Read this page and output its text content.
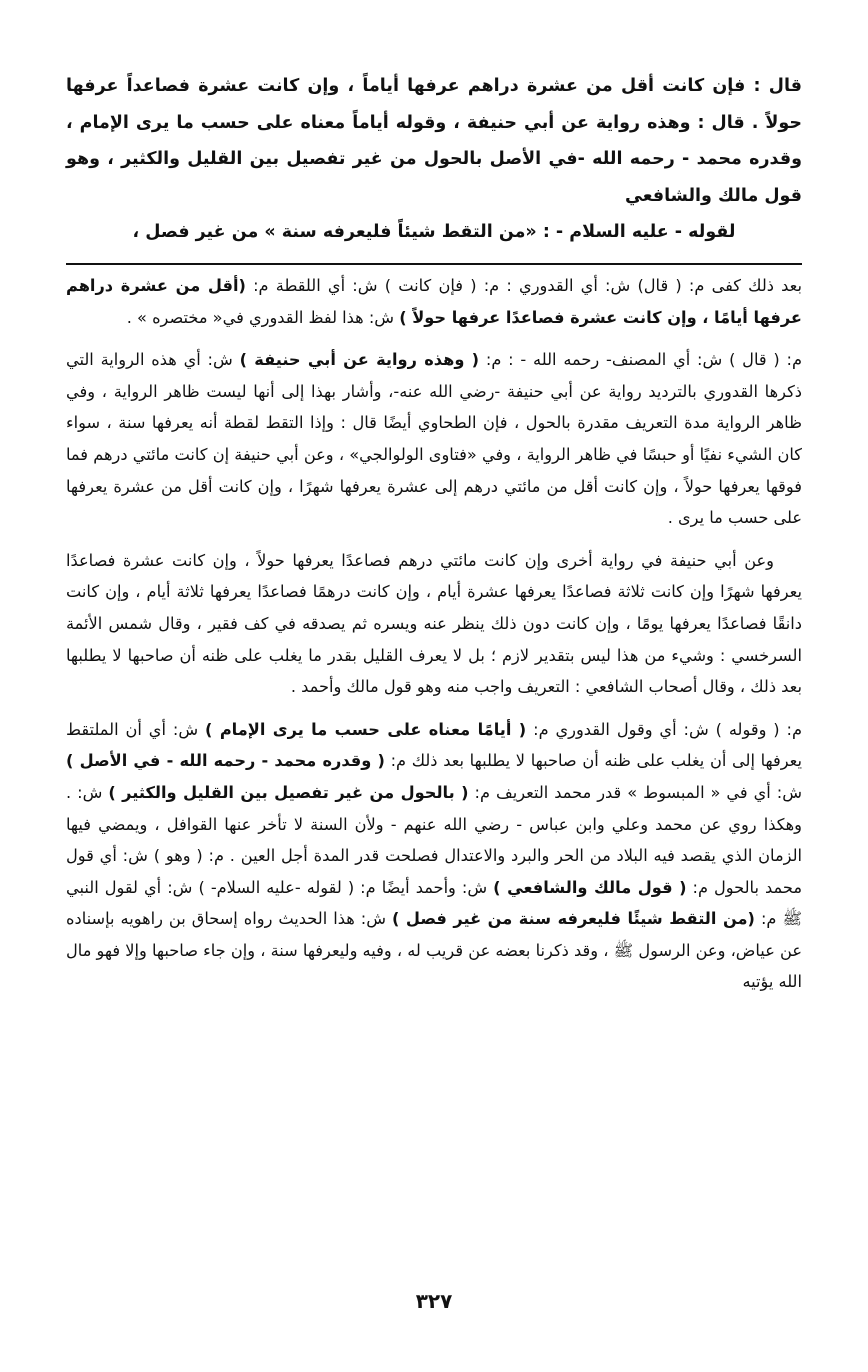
قال : فإن كانت أقل من عشرة دراهم عرفها أياماً ، وإن كانت عشرة فصاعداً عرفها حولاً . قال : وهذه رواية عن أبي حنيفة ، وقوله أياماً معناه على حسب ما يرى الإمام ، وقدره محمد - رحمه الله -في الأصل بالحول من غير تفصيل بين القليل والكثير ، وهو قول مالك والشافعي

لقوله - عليه السلام - : «من التقط شيئاً فليعرفه سنة » من غير فصل ،

بعد ذلك كفى م: ( قال) ش: أي القدوري : م: ( فإن كانت ) ش: أي اللقطة م: (أقل من عشرة دراهم عرفها أيامًا ، وإن كانت عشرة فصاعدًا عرفها حولاً ) ش: هذا لفظ القدوري في« مختصره » .

م: ( قال ) ش: أي المصنف- رحمه الله - : م: ( وهذه رواية عن أبي حنيفة ) ش: أي هذه الرواية التي ذكرها القدوري بالترديد رواية عن أبي حنيفة -رضي الله عنه-، وأشار بهذا إلى أنها ليست ظاهر الرواية ، وفي ظاهر الرواية مدة التعريف مقدرة بالحول ، فإن الطحاوي أيضًا قال : وإذا التقط لقطة أنه يعرفها سنة ، سواء كان الشيء نفيًا أو حبسًا في ظاهر الرواية ، وفي «فتاوى الولوالجي» ، وعن أبي حنيفة إن كانت مائتي درهم فما فوقها يعرفها حولاً ، وإن كانت أقل من مائتي درهم إلى عشرة يعرفها شهرًا ، وإن كانت أقل من عشرة يعرفها على حسب ما يرى .

وعن أبي حنيفة في رواية أخرى وإن كانت مائتي درهم فصاعدًا يعرفها حولاً ، وإن كانت عشرة فصاعدًا يعرفها شهرًا وإن كانت ثلاثة فصاعدًا يعرفها عشرة أيام ، وإن كانت درهمًا فصاعدًا يعرفها ثلاثة أيام ، وإن كانت دانقًا فصاعدًا يعرفها يومًا ، وإن كانت دون ذلك ينظر عنه ويسره ثم يصدقه في كف فقير ، وقال شمس الأئمة السرخسي : وشيء من هذا ليس بتقدير لازم ؛ بل لا يعرف القليل بقدر ما يغلب على ظنه أن صاحبها لا يطلبها بعد ذلك ، وقال أصحاب الشافعي : التعريف واجب منه وهو قول مالك وأحمد .

م: ( وقوله ) ش: أي وقول القدوري م: ( أيامًا معناه على حسب ما يرى الإمام ) ش: أي أن الملتقط يعرفها إلى أن يغلب على ظنه أن صاحبها لا يطلبها بعد ذلك م: ( وقدره محمد - رحمه الله - في الأصل ) ش: أي في « المبسوط » قدر محمد التعريف م: ( بالحول من غير تفصيل بين القليل والكثير ) ش: . وهكذا روي عن محمد وعلي وابن عباس - رضي الله عنهم - ولأن السنة لا تأخر عنها القوافل ، ويمضي فيها الزمان الذي يقصد فيه البلاد من الحر والبرد والاعتدال فصلحت قدر المدة أجل العين . م: ( وهو ) ش: أي قول محمد بالحول م: ( قول مالك والشافعي ) ش: وأحمد أيضًا م: ( لقوله -عليه السلام- ) ش: أي لقول النبي ﷺ م: (من التقط شيئًا فليعرفه سنة من غير فصل ) ش: هذا الحديث رواه إسحاق بن راهويه بإسناده عن عياض، وعن الرسول ﷺ ، وقد ذكرنا بعضه عن قريب له ، وفيه وليعرفها سنة ، وإن جاء صاحبها وإلا فهو مال الله يؤتيه

٣٢٧
